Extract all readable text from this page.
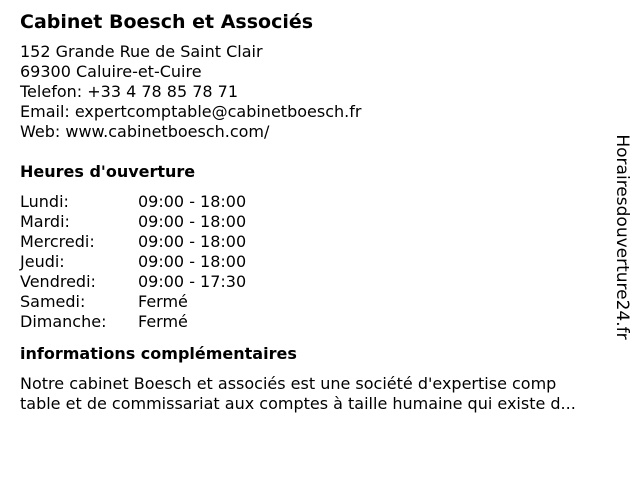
Cabinet Boesch et Associés
152 Grande Rue de Saint Clair
69300 Caluire-et-Cuire
Telefon: +33 4 78 85 78 71
Email: expertcomptable@cabinetboesch.fr
Web: www.cabinetboesch.com/
Heures d'ouverture
Lundi:	09:00 - 18:00
Mardi:	09:00 - 18:00
Mercredi:	09:00 - 18:00
Jeudi:	09:00 - 18:00
Vendredi:	09:00 - 17:30
Samedi:	Fermé
Dimanche:	Fermé
informations complémentaires
Notre cabinet Boesch et associés est une société d'expertise comp
table et de commissariat aux comptes à taille humaine qui existe d...
Horairesdouverture24.fr
